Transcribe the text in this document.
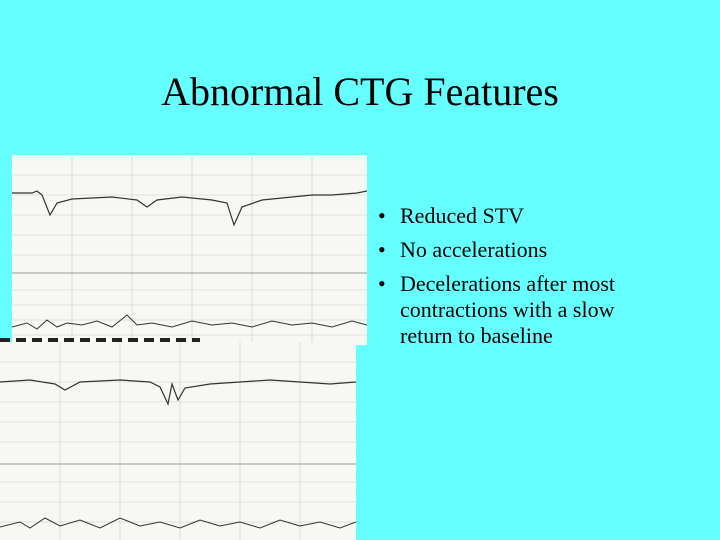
Abnormal CTG Features
• Reduced STV
• No accelerations
• Decelerations after most contractions with a slow return to baseline
